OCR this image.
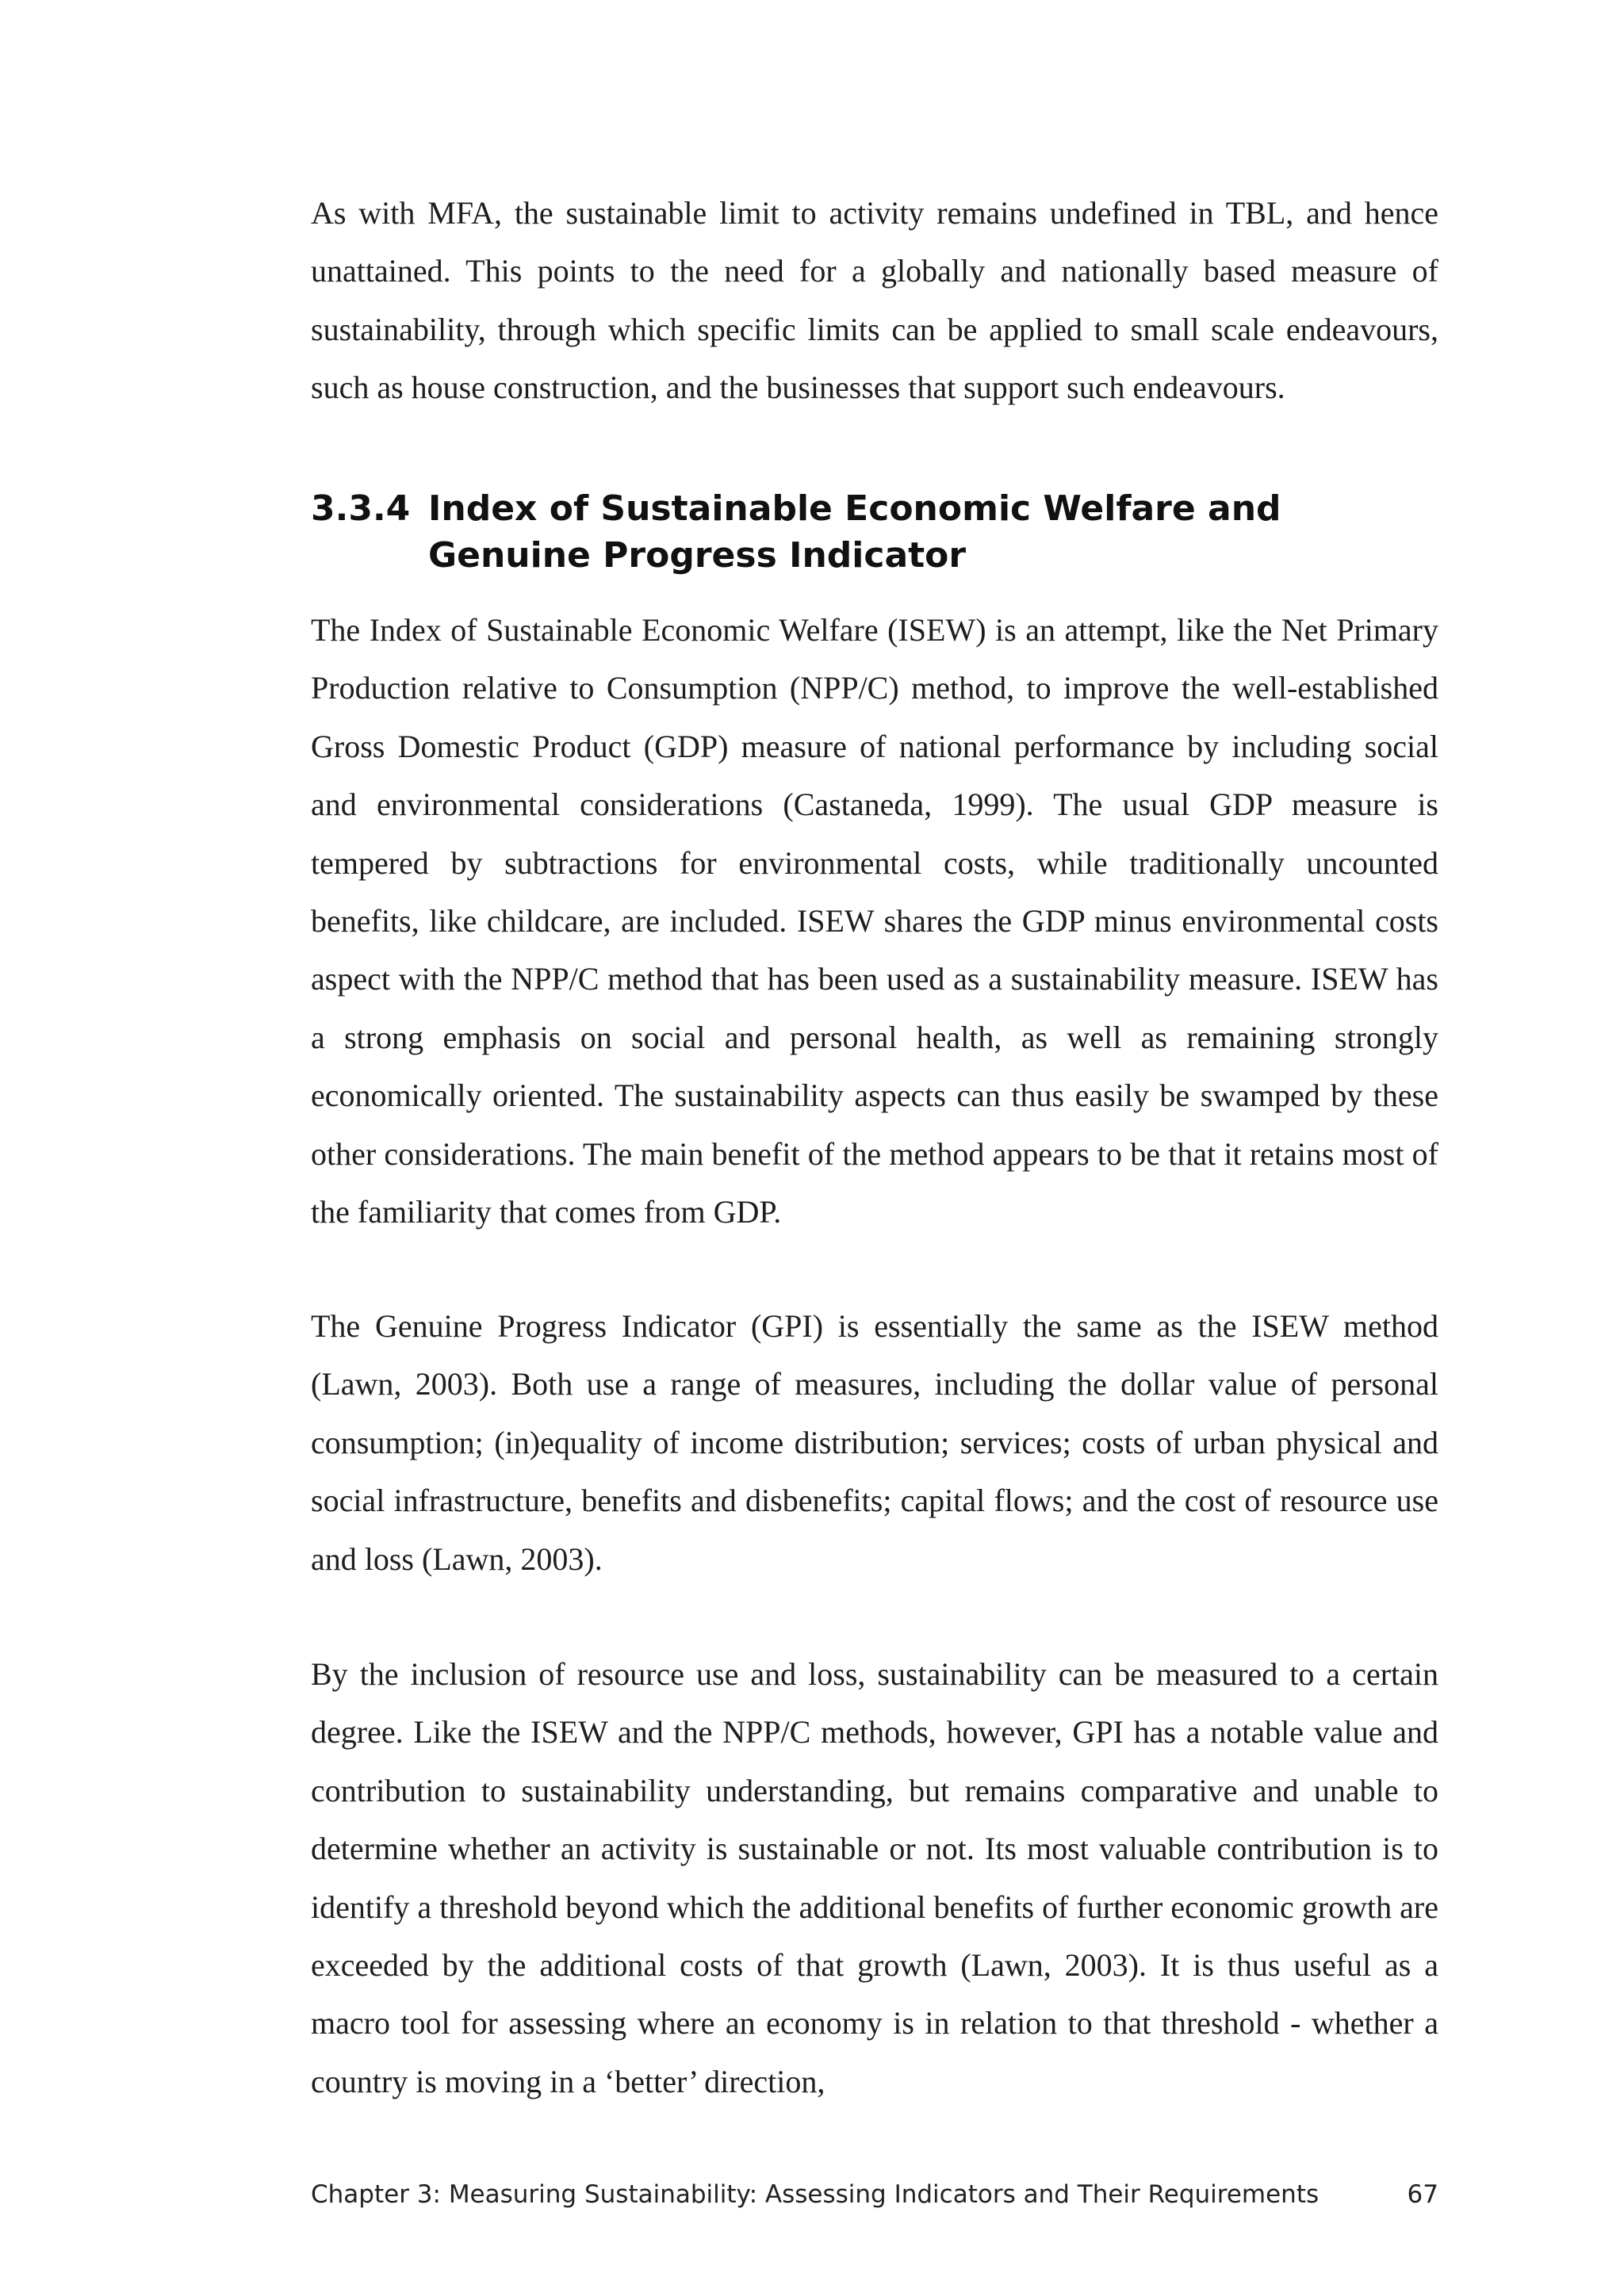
As with MFA, the sustainable limit to activity remains undefined in TBL, and hence unattained. This points to the need for a globally and nationally based measure of sustainability, through which specific limits can be applied to small scale endeavours, such as house construction, and the businesses that support such endeavours.

3.3.4 Index of Sustainable Economic Welfare and Genuine Progress Indicator

The Index of Sustainable Economic Welfare (ISEW) is an attempt, like the Net Primary Production relative to Consumption (NPP/C) method, to improve the well-established Gross Domestic Product (GDP) measure of national performance by including social and environmental considerations (Castaneda, 1999). The usual GDP measure is tempered by subtractions for environmental costs, while traditionally uncounted benefits, like childcare, are included. ISEW shares the GDP minus environmental costs aspect with the NPP/C method that has been used as a sustainability measure. ISEW has a strong emphasis on social and personal health, as well as remaining strongly economically oriented. The sustainability aspects can thus easily be swamped by these other considerations. The main benefit of the method appears to be that it retains most of the familiarity that comes from GDP.

The Genuine Progress Indicator (GPI) is essentially the same as the ISEW method (Lawn, 2003). Both use a range of measures, including the dollar value of personal consumption; (in)equality of income distribution; services; costs of urban physical and social infrastructure, benefits and disbenefits; capital flows; and the cost of resource use and loss (Lawn, 2003).

By the inclusion of resource use and loss, sustainability can be measured to a certain degree. Like the ISEW and the NPP/C methods, however, GPI has a notable value and contribution to sustainability understanding, but remains comparative and unable to determine whether an activity is sustainable or not. Its most valuable contribution is to identify a threshold beyond which the additional benefits of further economic growth are exceeded by the additional costs of that growth (Lawn, 2003). It is thus useful as a macro tool for assessing where an economy is in relation to that threshold - whether a country is moving in a ‘better’ direction,

Chapter 3: Measuring Sustainability: Assessing Indicators and Their Requirements	67
